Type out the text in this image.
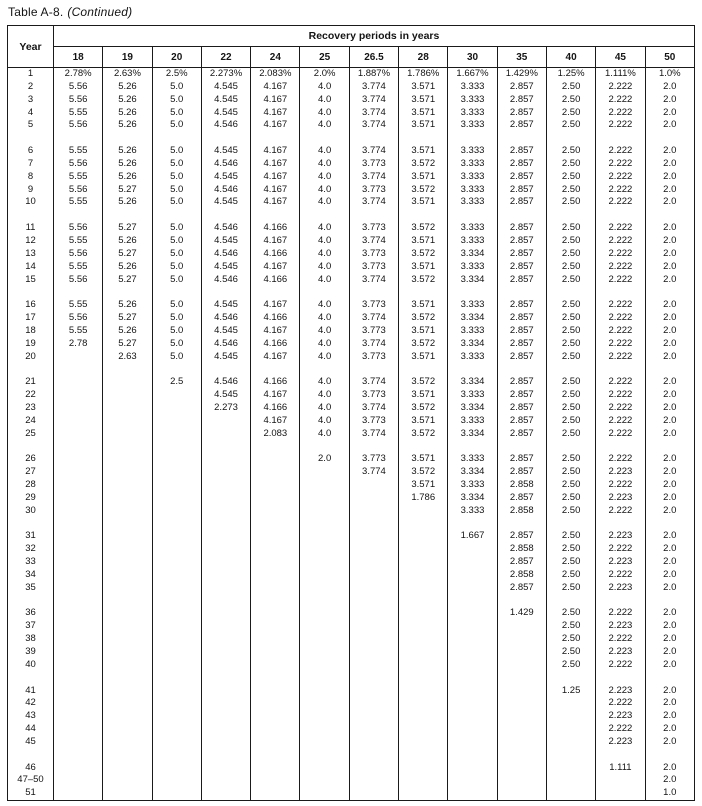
Table A-8. (Continued)
Year	Recovery periods in years												
	18	19	20	22	24	25	26.5	28	30	35	40	45	50
1	2.78%	2.63%	2.5%	2.273%	2.083%	2.0%	1.887%	1.786%	1.667%	1.429%	1.25%	1.111%	1.0%
2	5.56	5.26	5.0	4.545	4.167	4.0	3.774	3.571	3.333	2.857	2.50	2.222	2.0
3	5.56	5.26	5.0	4.545	4.167	4.0	3.774	3.571	3.333	2.857	2.50	2.222	2.0
4	5.55	5.26	5.0	4.545	4.167	4.0	3.774	3.571	3.333	2.857	2.50	2.222	2.0
5	5.56	5.26	5.0	4.546	4.167	4.0	3.774	3.571	3.333	2.857	2.50	2.222	2.0

6	5.55	5.26	5.0	4.545	4.167	4.0	3.774	3.571	3.333	2.857	2.50	2.222	2.0
7	5.56	5.26	5.0	4.546	4.167	4.0	3.773	3.572	3.333	2.857	2.50	2.222	2.0
8	5.55	5.26	5.0	4.545	4.167	4.0	3.774	3.571	3.333	2.857	2.50	2.222	2.0
9	5.56	5.27	5.0	4.546	4.167	4.0	3.773	3.572	3.333	2.857	2.50	2.222	2.0
10	5.55	5.26	5.0	4.545	4.167	4.0	3.774	3.571	3.333	2.857	2.50	2.222	2.0

11	5.56	5.27	5.0	4.546	4.166	4.0	3.773	3.572	3.333	2.857	2.50	2.222	2.0
12	5.55	5.26	5.0	4.545	4.167	4.0	3.774	3.571	3.333	2.857	2.50	2.222	2.0
13	5.56	5.27	5.0	4.546	4.166	4.0	3.773	3.572	3.334	2.857	2.50	2.222	2.0
14	5.55	5.26	5.0	4.545	4.167	4.0	3.773	3.571	3.333	2.857	2.50	2.222	2.0
15	5.56	5.27	5.0	4.546	4.166	4.0	3.774	3.572	3.334	2.857	2.50	2.222	2.0

16	5.55	5.26	5.0	4.545	4.167	4.0	3.773	3.571	3.333	2.857	2.50	2.222	2.0
17	5.56	5.27	5.0	4.546	4.166	4.0	3.774	3.572	3.334	2.857	2.50	2.222	2.0
18	5.55	5.26	5.0	4.545	4.167	4.0	3.773	3.571	3.333	2.857	2.50	2.222	2.0
19	2.78	5.27	5.0	4.546	4.166	4.0	3.774	3.572	3.334	2.857	2.50	2.222	2.0
20		2.63	5.0	4.545	4.167	4.0	3.773	3.571	3.333	2.857	2.50	2.222	2.0

21			2.5	4.546	4.166	4.0	3.774	3.572	3.334	2.857	2.50	2.222	2.0
22				4.545	4.167	4.0	3.773	3.571	3.333	2.857	2.50	2.222	2.0
23				2.273	4.166	4.0	3.774	3.572	3.334	2.857	2.50	2.222	2.0
24					4.167	4.0	3.773	3.571	3.333	2.857	2.50	2.222	2.0
25					2.083	4.0	3.774	3.572	3.334	2.857	2.50	2.222	2.0

26						2.0	3.773	3.571	3.333	2.857	2.50	2.222	2.0
27							3.774	3.572	3.334	2.857	2.50	2.223	2.0
28								3.571	3.333	2.858	2.50	2.222	2.0
29								1.786	3.334	2.857	2.50	2.223	2.0
30									3.333	2.858	2.50	2.222	2.0

31									1.667	2.857	2.50	2.223	2.0
32										2.858	2.50	2.222	2.0
33										2.857	2.50	2.223	2.0
34										2.858	2.50	2.222	2.0
35										2.857	2.50	2.223	2.0

36										1.429	2.50	2.222	2.0
37											2.50	2.223	2.0
38											2.50	2.222	2.0
39											2.50	2.223	2.0
40											2.50	2.222	2.0

41											1.25	2.223	2.0
42												2.222	2.0
43												2.223	2.0
44												2.222	2.0
45												2.223	2.0

46												1.111	2.0
47–50													2.0
51													1.0
